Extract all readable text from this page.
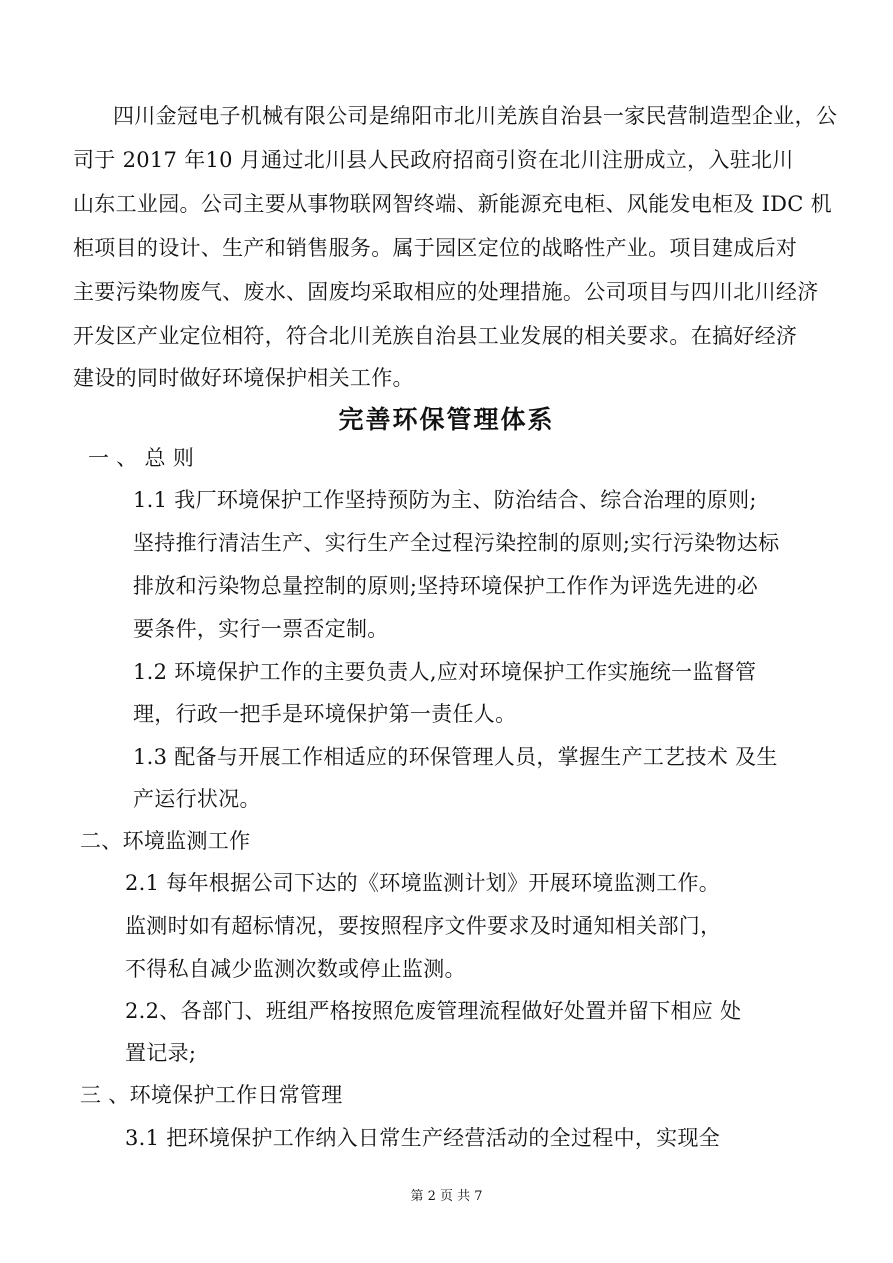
四川金冠电子机械有限公司是绵阳市北川羌族自治县一家民营制造型企业，公
司于 2017 年10 月通过北川县人民政府招商引资在北川注册成立，入驻北川
山东工业园。公司主要从事物联网智终端、新能源充电柜、风能发电柜及 IDC 机
柜项目的设计、生产和销售服务。属于园区定位的战略性产业。项目建成后对
主要污染物废气、废水、固废均采取相应的处理措施。公司项目与四川北川经济
开发区产业定位相符，符合北川羌族自治县工业发展的相关要求。在搞好经济
建设的同时做好环境保护相关工作。
完善环保管理体系
一 、 总 则
1.1 我厂环境保护工作坚持预防为主、防治结合、综合治理的原则;
坚持推行清洁生产、实行生产全过程污染控制的原则;实行污染物达标
排放和污染物总量控制的原则;坚持环境保护工作作为评选先进的必
要条件，实行一票否定制。
1.2 环境保护工作的主要负责人,应对环境保护工作实施统一监督管
理，行政一把手是环境保护第一责任人。
1.3 配备与开展工作相适应的环保管理人员，掌握生产工艺技术 及生
产运行状况。
二、环境监测工作
2.1 每年根据公司下达的《环境监测计划》开展环境监测工作。
监测时如有超标情况，要按照程序文件要求及时通知相关部门，
不得私自减少监测次数或停止监测。
2.2、各部门、班组严格按照危废管理流程做好处置并留下相应 处
置记录;
三 、环境保护工作日常管理
3.1 把环境保护工作纳入日常生产经营活动的全过程中，实现全
第 2 页 共 7
